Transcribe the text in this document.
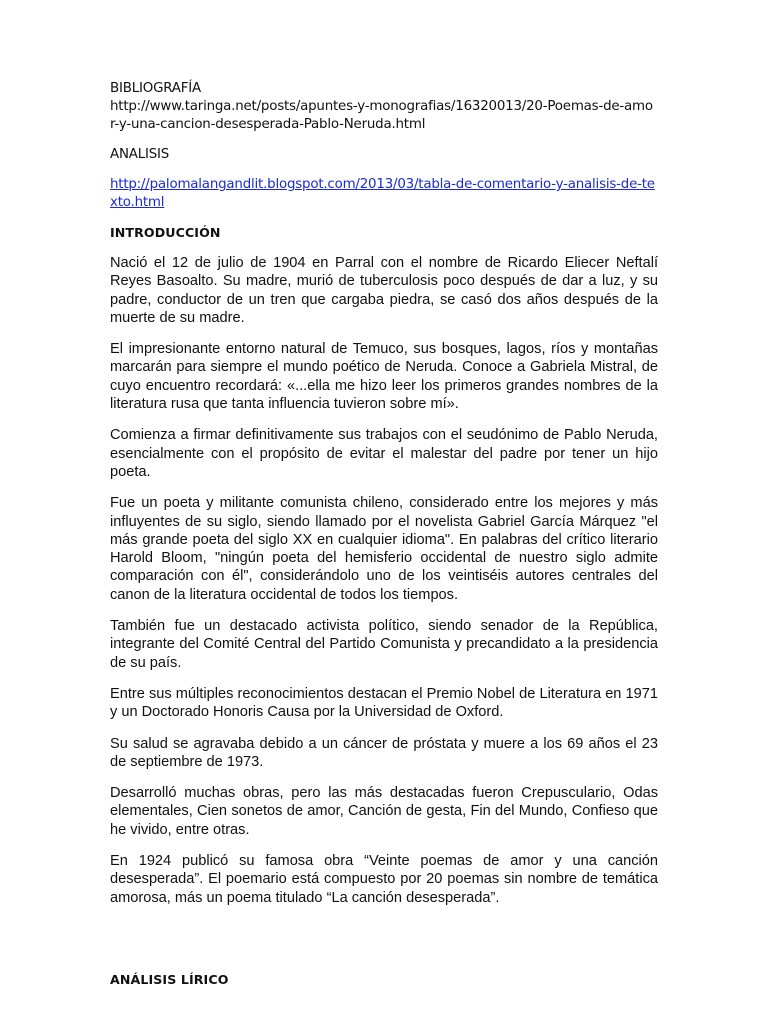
BIBLIOGRAFÍA
http://www.taringa.net/posts/apuntes-y-monografias/16320013/20-Poemas-de-amor-y-una-cancion-desesperada-Pablo-Neruda.html
ANALISIS
http://palomalangandlit.blogspot.com/2013/03/tabla-de-comentario-y-analisis-de-texto.html
INTRODUCCIÓN

Nació el 12 de julio de 1904 en Parral con el nombre de Ricardo Eliecer Neftalí Reyes Basoalto. Su madre, murió de tuberculosis poco después de dar a luz, y su padre, conductor de un tren que cargaba piedra, se casó dos años después de la muerte de su madre.

El impresionante entorno natural de Temuco, sus bosques, lagos, ríos y montañas marcarán para siempre el mundo poético de Neruda. Conoce a Gabriela Mistral, de cuyo encuentro recordará: «...ella me hizo leer los primeros grandes nombres de la literatura rusa que tanta influencia tuvieron sobre mí».

Comienza a firmar definitivamente sus trabajos con el seudónimo de Pablo Neruda, esencialmente con el propósito de evitar el malestar del padre por tener un hijo poeta.

Fue un poeta y militante comunista chileno, considerado entre los mejores y más influyentes de su siglo, siendo llamado por el novelista Gabriel García Márquez "el más grande poeta del siglo XX en cualquier idioma". En palabras del crítico literario Harold Bloom, "ningún poeta del hemisferio occidental de nuestro siglo admite comparación con él", considerándolo uno de los veintiséis autores centrales del canon de la literatura occidental de todos los tiempos.

También fue un destacado activista político, siendo senador de la República, integrante del Comité Central del Partido Comunista y precandidato a la presidencia de su país.

Entre sus múltiples reconocimientos destacan el Premio Nobel de Literatura en 1971 y un Doctorado Honoris Causa por la Universidad de Oxford.

Su salud se agravaba debido a un cáncer de próstata y muere a los 69 años el 23 de septiembre de 1973.

Desarrolló muchas obras, pero las más destacadas fueron Crepusculario, Odas elementales, Cien sonetos de amor, Canción de gesta, Fin del Mundo, Confieso que he vivido, entre otras.

En 1924 publicó su famosa obra “Veinte poemas de amor y una canción desesperada”. El poemario está compuesto por 20 poemas sin nombre de temática amorosa, más un poema titulado “La canción desesperada”.

ANÁLISIS LÍRICO
